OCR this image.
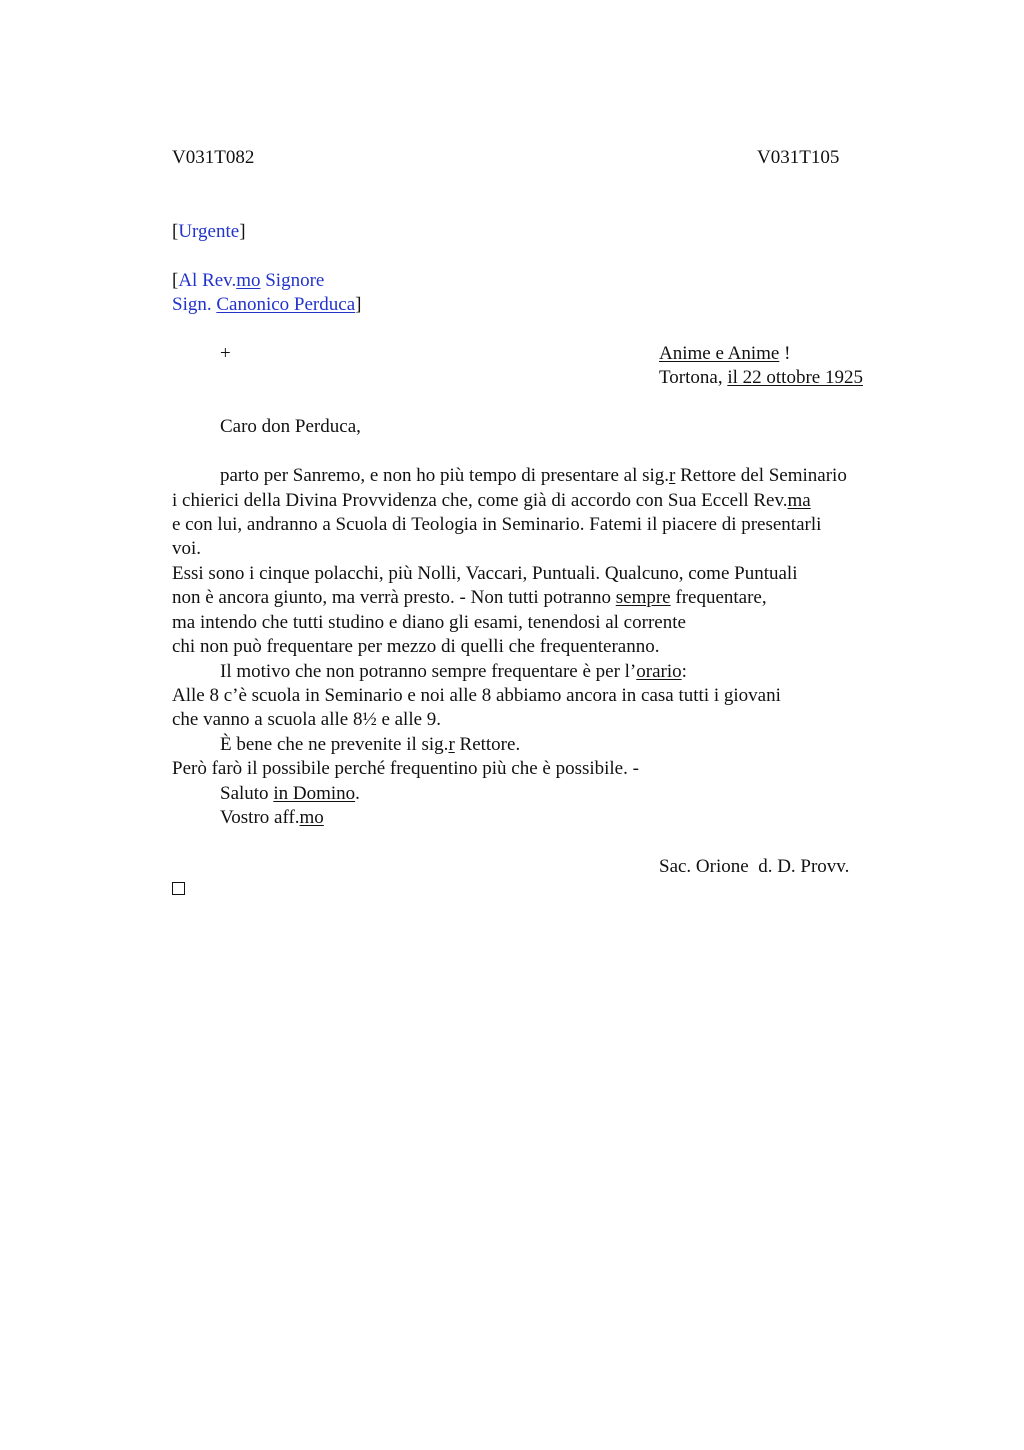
V031T082	V031T105
[Urgente]
[Al Rev.mo Signore
Sign. Canonico Perduca]
+	Anime e Anime !
Tortona, il 22 ottobre 1925
Caro don Perduca,
parto per Sanremo, e non ho più tempo di presentare al sig.r Rettore del Seminario
i chierici della Divina Provvidenza che, come già di accordo con Sua Eccell Rev.ma
e con lui, andranno a Scuola di Teologia in Seminario. Fatemi il piacere di presentarli
voi.
Essi sono i cinque polacchi, più Nolli, Vaccari, Puntuali. Qualcuno, come Puntuali
non è ancora giunto, ma verrà presto. - Non tutti potranno sempre frequentare,
ma intendo che tutti studino e diano gli esami, tenendosi al corrente
chi non può frequentare per mezzo di quelli che frequenteranno.
Il motivo che non potranno sempre frequentare è per l’orario:
Alle 8 c’è scuola in Seminario e noi alle 8 abbiamo ancora in casa tutti i giovani
che vanno a scuola alle 8½ e alle 9.
È bene che ne prevenite il sig.r Rettore.
Però farò il possibile perché frequentino più che è possibile. -
Saluto in Domino.
Vostro aff.mo
Sac. Orione  d. D. Provv.
